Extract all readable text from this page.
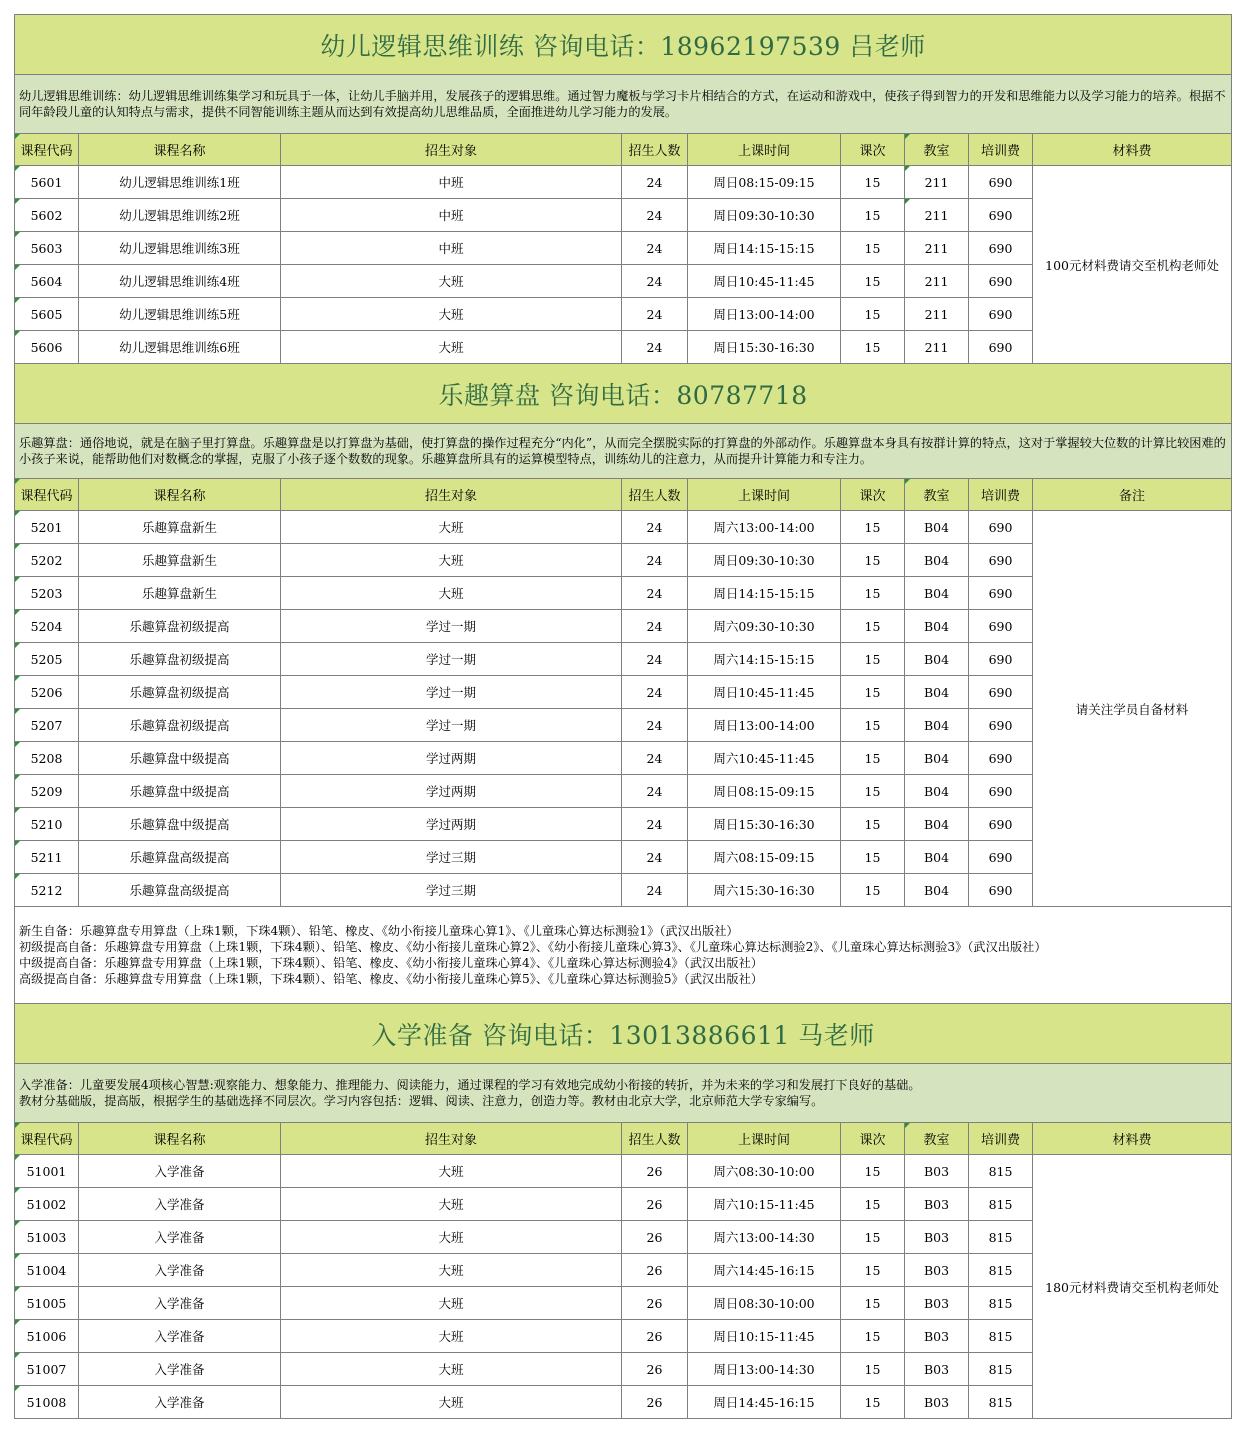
幼儿逻辑思维训练 咨询电话：18962197539 吕老师								
幼儿逻辑思维训练：幼儿逻辑思维训练集学习和玩具于一体，让幼儿手脑并用，发展孩子的逻辑思维。通过智力魔板与学习卡片相结合的方式，在运动和游戏中，使孩子得到智力的开发和思维能力以及学习能力的培养。根据不同年龄段儿童的认知特点与需求，提供不同智能训练主题从而达到有效提高幼儿思维品质，全面推进幼儿学习能力的发展。								
课程代码	课程名称	招生对象	招生人数	上课时间	课次	教室	培训费	材料费
5601	幼儿逻辑思维训练1班	中班	24	周日08:15-09:15	15	211	690	100元材料费请交至机构老师处
5602	幼儿逻辑思维训练2班	中班	24	周日09:30-10:30	15	211	690	
5603	幼儿逻辑思维训练3班	中班	24	周日14:15-15:15	15	211	690	
5604	幼儿逻辑思维训练4班	大班	24	周日10:45-11:45	15	211	690	
5605	幼儿逻辑思维训练5班	大班	24	周日13:00-14:00	15	211	690	
5606	幼儿逻辑思维训练6班	大班	24	周日15:30-16:30	15	211	690	
乐趣算盘 咨询电话：80787718								
乐趣算盘：通俗地说，就是在脑子里打算盘。乐趣算盘是以打算盘为基础，使打算盘的操作过程充分“内化”，从而完全摆脱实际的打算盘的外部动作。乐趣算盘本身具有按群计算的特点，这对于掌握较大位数的计算比较困难的小孩子来说，能帮助他们对数概念的掌握，克服了小孩子逐个数数的现象。乐趣算盘所具有的运算模型特点，训练幼儿的注意力，从而提升计算能力和专注力。								
课程代码	课程名称	招生对象	招生人数	上课时间	课次	教室	培训费	备注
5201	乐趣算盘新生	大班	24	周六13:00-14:00	15	B04	690	请关注学员自备材料
5202	乐趣算盘新生	大班	24	周日09:30-10:30	15	B04	690	
5203	乐趣算盘新生	大班	24	周日14:15-15:15	15	B04	690	
5204	乐趣算盘初级提高	学过一期	24	周六09:30-10:30	15	B04	690	
5205	乐趣算盘初级提高	学过一期	24	周六14:15-15:15	15	B04	690	
5206	乐趣算盘初级提高	学过一期	24	周日10:45-11:45	15	B04	690	
5207	乐趣算盘初级提高	学过一期	24	周日13:00-14:00	15	B04	690	
5208	乐趣算盘中级提高	学过两期	24	周六10:45-11:45	15	B04	690	
5209	乐趣算盘中级提高	学过两期	24	周日08:15-09:15	15	B04	690	
5210	乐趣算盘中级提高	学过两期	24	周日15:30-16:30	15	B04	690	
5211	乐趣算盘高级提高	学过三期	24	周六08:15-09:15	15	B04	690	
5212	乐趣算盘高级提高	学过三期	24	周六15:30-16:30	15	B04	690	

新生自备：乐趣算盘专用算盘（上珠1颗，下珠4颗）、铅笔、橡皮、《幼小衔接儿童珠心算1》、《儿童珠心算达标测验1》（武汉出版社）
初级提高自备：乐趣算盘专用算盘（上珠1颗，下珠4颗）、铅笔、橡皮、《幼小衔接儿童珠心算2》、《幼小衔接儿童珠心算3》、《儿童珠心算达标测验2》、《儿童珠心算达标测验3》（武汉出版社）
中级提高自备：乐趣算盘专用算盘（上珠1颗，下珠4颗）、铅笔、橡皮、《幼小衔接儿童珠心算4》、《儿童珠心算达标测验4》（武汉出版社）
高级提高自备：乐趣算盘专用算盘（上珠1颗，下珠4颗）、铅笔、橡皮、《幼小衔接儿童珠心算5》、《儿童珠心算达标测验5》（武汉出版社）								

入学准备 咨询电话：13013886611 马老师								

入学准备：儿童要发展4项核心智慧:观察能力、想象能力、推理能力、阅读能力，通过课程的学习有效地完成幼小衔接的转折，并为未来的学习和发展打下良好的基础。
教材分基础版，提高版，根据学生的基础选择不同层次。学习内容包括：逻辑、阅读、注意力，创造力等。教材由北京大学，北京师范大学专家编写。								

课程代码	课程名称	招生对象	招生人数	上课时间	课次	教室	培训费	材料费
51001	入学准备	大班	26	周六08:30-10:00	15	B03	815	180元材料费请交至机构老师处
51002	入学准备	大班	26	周六10:15-11:45	15	B03	815	
51003	入学准备	大班	26	周六13:00-14:30	15	B03	815	
51004	入学准备	大班	26	周六14:45-16:15	15	B03	815	
51005	入学准备	大班	26	周日08:30-10:00	15	B03	815	
51006	入学准备	大班	26	周日10:15-11:45	15	B03	815	
51007	入学准备	大班	26	周日13:00-14:30	15	B03	815	
51008	入学准备	大班	26	周日14:45-16:15	15	B03	815	
